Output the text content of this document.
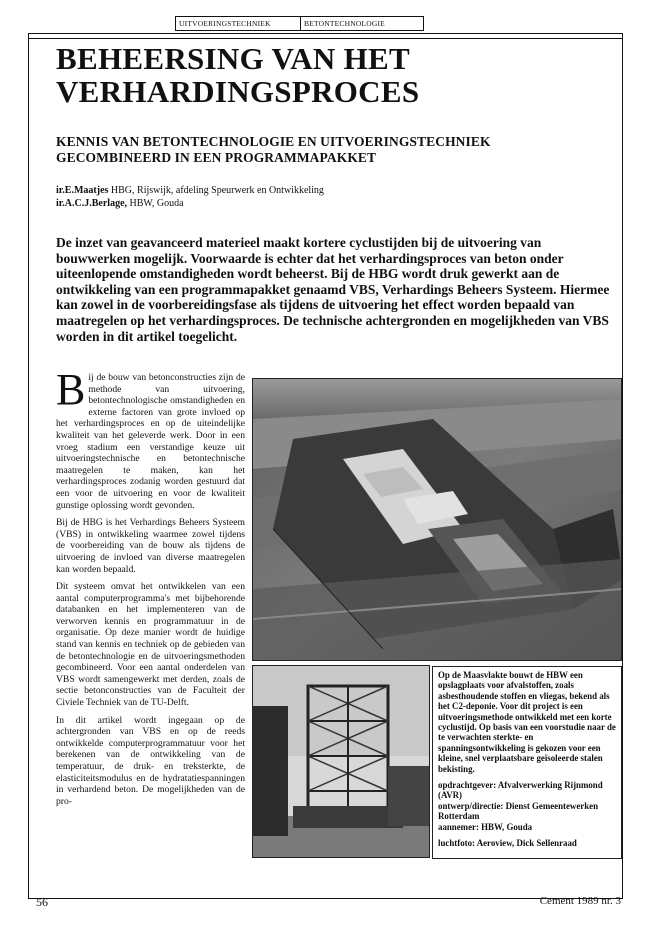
UITVOERINGSTECHNIEK	BETONTECHNOLOGIE
BEHEERSING VAN HET
VERHARDINGSPROCES
KENNIS VAN BETONTECHNOLOGIE EN UITVOERINGSTECHNIEK
GECOMBINEERD IN EEN PROGRAMMAPAKKET
ir.E.Maatjes HBG, Rijswijk, afdeling Speurwerk en Ontwikkeling
ir.A.C.J.Berlage, HBW, Gouda

De inzet van geavanceerd materieel maakt kortere cyclustijden bij de uitvoering van bouwwerken mogelijk. Voorwaarde is echter dat het verhardingsproces van beton onder uiteenlopende omstandigheden wordt beheerst. Bij de HBG wordt druk gewerkt aan de ontwikkeling van een programmapakket genaamd VBS, Verhardings Beheers Systeem. Hiermee kan zowel in de voorbereidingsfase als tijdens de uitvoering het effect worden bepaald van maatregelen op het verhardingsproces. De technische achtergronden en mogelijkheden van VBS worden in dit artikel toegelicht.

Bij de bouw van betonconstructies zijn de methode van uitvoering, betontechnologische omstandigheden en externe factoren van grote invloed op het verhardingsproces en op de uiteindelijke kwaliteit van het geleverde werk. Door in een vroeg stadium een verstandige keuze uit uitvoeringstechnische en betontechnische maatregelen te maken, kan het verhardingsproces zodanig worden gestuurd dat een voor de uitvoering en voor de kwaliteit gunstige oplossing wordt gevonden.

Bij de HBG is het Verhardings Beheers Systeem (VBS) in ontwikkeling waarmee zowel tijdens de voorbereiding van de bouw als tijdens de uitvoering de invloed van diverse maatregelen kan worden bepaald.

Dit systeem omvat het ontwikkelen van een aantal computerprogramma's met bijbehorende databanken en het implementeren van de verworven kennis en programmatuur in de organisatie. Op deze manier wordt de huidige stand van kennis en techniek op de gebieden van de betontechnologie en de uitvoeringsmethoden gecombineerd. Voor een aantal onderdelen van VBS wordt samengewerkt met derden, zoals de sectie betonconstructies van de Faculteit der Civiele Techniek van de TU-Delft.

In dit artikel wordt ingegaan op de achtergronden van VBS en op de reeds ontwikkelde computerprogrammatuur voor het berekenen van de ontwikkeling van de temperatuur, de druk- en treksterkte, de elasticiteitsmodulus en de hydratatiespanningen in verhardend beton. De mogelijkheden van de pro-

Op de Maasvlakte bouwt de HBW een opslagplaats voor afvalstoffen, zoals asbesthoudende stoffen en vliegas, bekend als het C2-deponie. Voor dit project is een uitvoeringsmethode ontwikkeld met een korte cyclustijd. Op basis van een voorstudie naar de te verwachten sterkte- en spanningsontwikkeling is gekozen voor een kleine, snel verplaatsbare geïsoleerde stalen bekisting.

opdrachtgever: Afvalverwerking Rijnmond (AVR)
ontwerp/directie: Dienst Gemeentewerken Rotterdam
aannemer: HBW, Gouda

luchtfoto: Aeroview, Dick Sellenraad

56	Cement 1989 nr. 3
